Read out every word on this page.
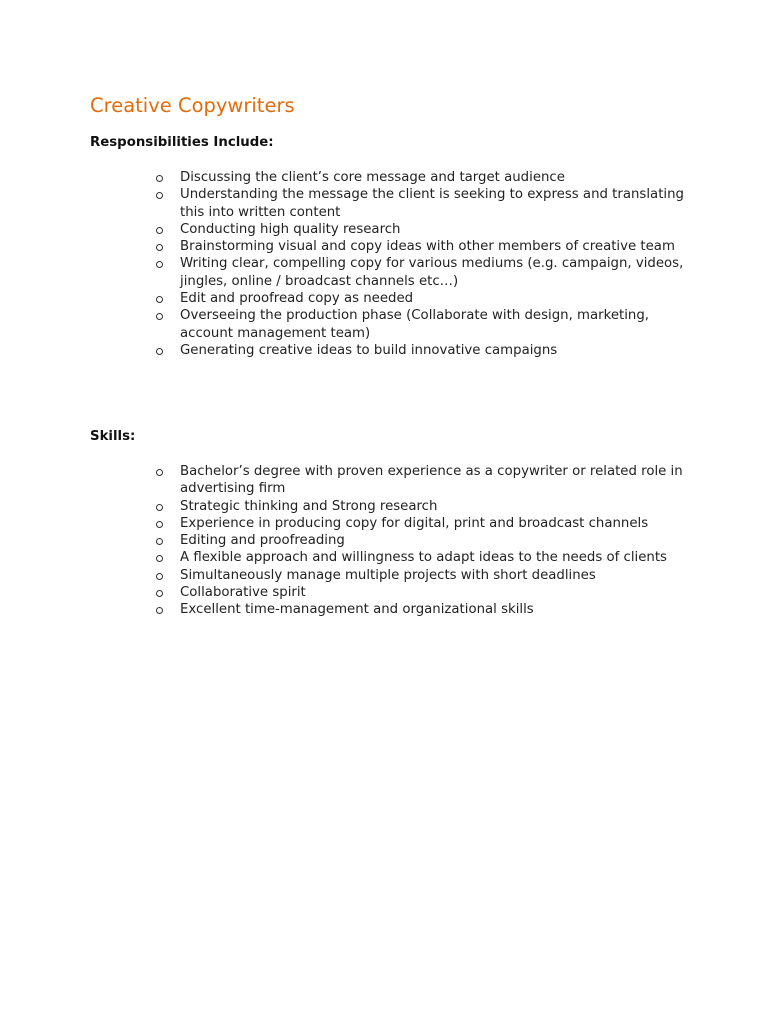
Creative Copywriters
Responsibilities Include:
Discussing the client’s core message and target audience
Understanding the message the client is seeking to express and translating this into written content
Conducting high quality research
Brainstorming visual and copy ideas with other members of creative team
Writing clear, compelling copy for various mediums (e.g. campaign, videos, jingles, online / broadcast channels etc…)
Edit and proofread copy as needed
Overseeing the production phase (Collaborate with design, marketing, account management team)
Generating creative ideas to build innovative campaigns
Skills:
Bachelor’s degree with proven experience as a copywriter or related role in advertising firm
Strategic thinking and Strong research
Experience in producing copy for digital, print and broadcast channels
Editing and proofreading
A flexible approach and willingness to adapt ideas to the needs of clients
Simultaneously manage multiple projects with short deadlines
Collaborative spirit
Excellent time-management and organizational skills
